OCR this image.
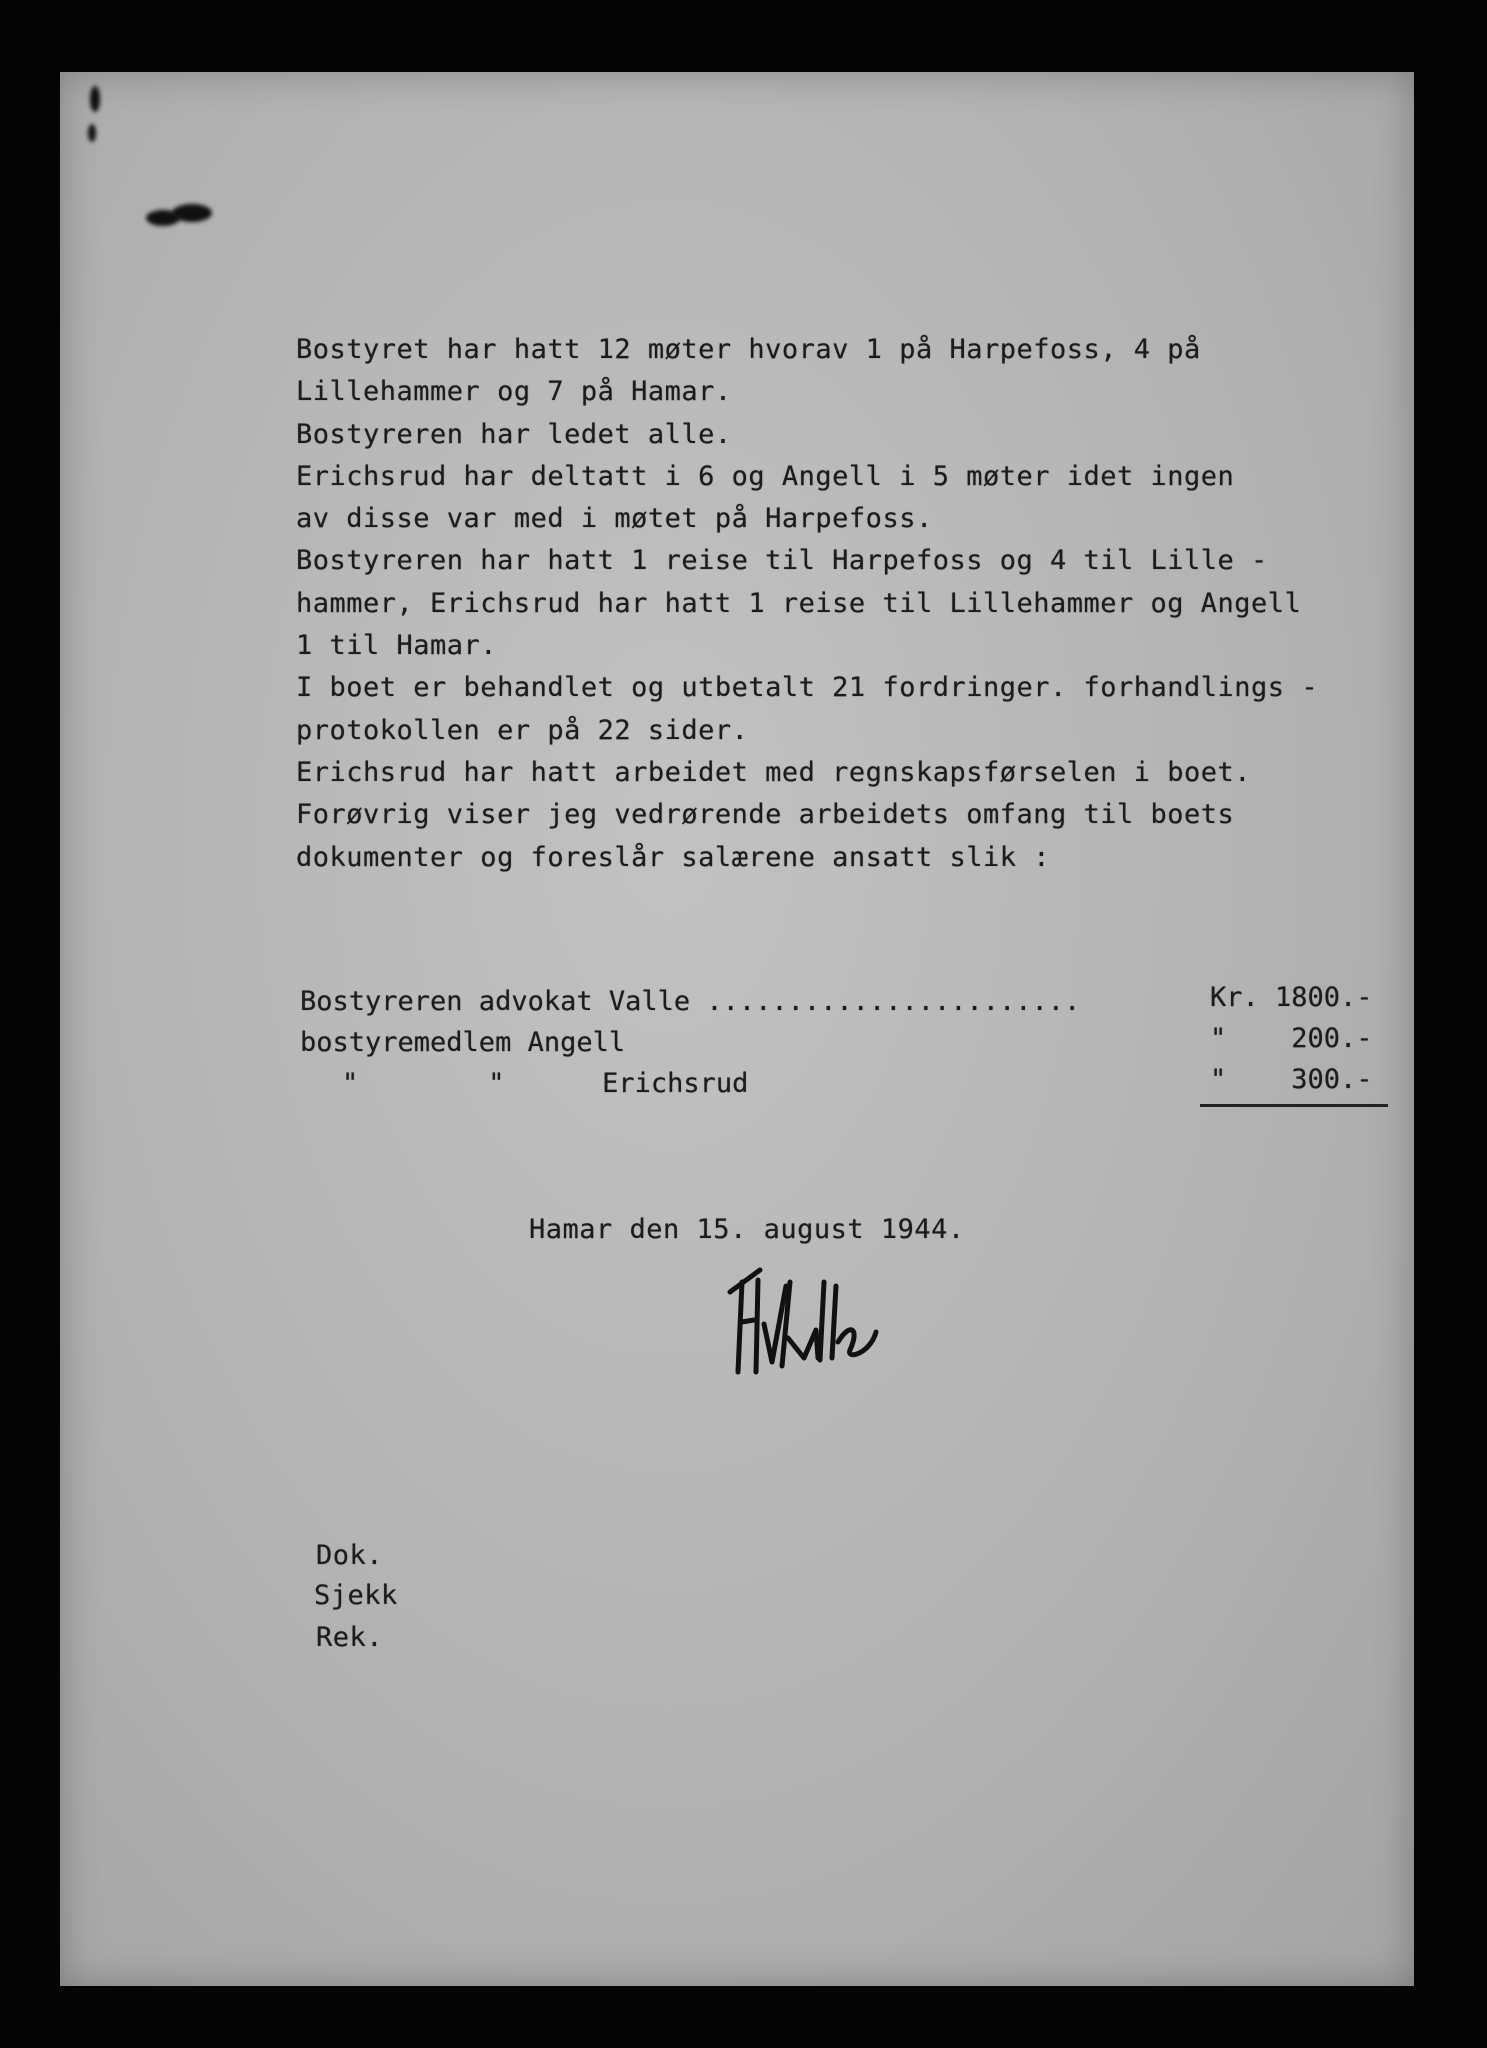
Bostyret har hatt 12 møter hvorav 1 på Harpefoss, 4 på
Lillehammer og 7 på Hamar.
Bostyreren har ledet alle.
Erichsrud har deltatt i 6 og Angell i 5 møter idet ingen
av disse var med i møtet på Harpefoss.
Bostyreren har hatt 1 reise til Harpefoss og 4 til Lille -
hammer, Erichsrud har hatt 1 reise til Lillehammer og Angell
1 til Hamar.
I boet er behandlet og utbetalt 21 fordringer. forhandlings -
protokollen er på 22 sider.
Erichsrud har hatt arbeidet med regnskapsførselen i boet.
Forøvrig viser jeg vedrørende arbeidets omfang til boets
dokumenter og foreslår salærene ansatt slik :
Bostyreren advokat Valle .......................	Kr. 1800.-
bostyremedlem Angell	"    200.-
"        "      Erichsrud	"    300.-
Hamar den 15. august 1944.
Dok.
Sjekk
Rek.
